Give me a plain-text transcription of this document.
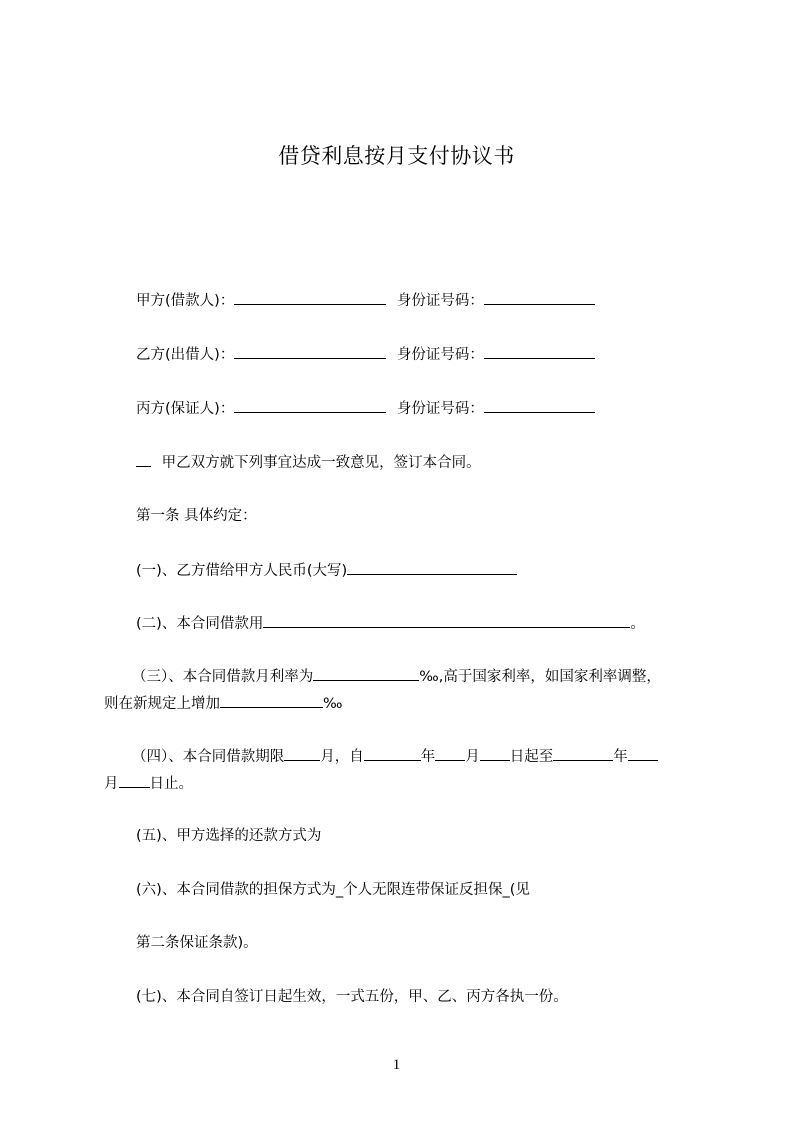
借贷利息按月支付协议书
甲方(借款人)：	身份证号码：
乙方(出借人)：	身份证号码：
丙方(保证人)：	身份证号码：
甲乙双方就下列事宜达成一致意见，签订本合同。
第一条 具体约定：
(一)、乙方借给甲方人民币(大写)
(二)、本合同借款用	。
（三）、本合同借款月利率为	‰,高于国家利率，如国家利率调整，
则在新规定上增加	‰
（四）、本合同借款期限 月，自	年 月 日起至	年
月 日止。
(五)、甲方选择的还款方式为
(六)、本合同借款的担保方式为_个人无限连带保证反担保_(见
第二条保证条款)。
(七)、本合同自签订日起生效，一式五份，甲、乙、丙方各执一份。
1
